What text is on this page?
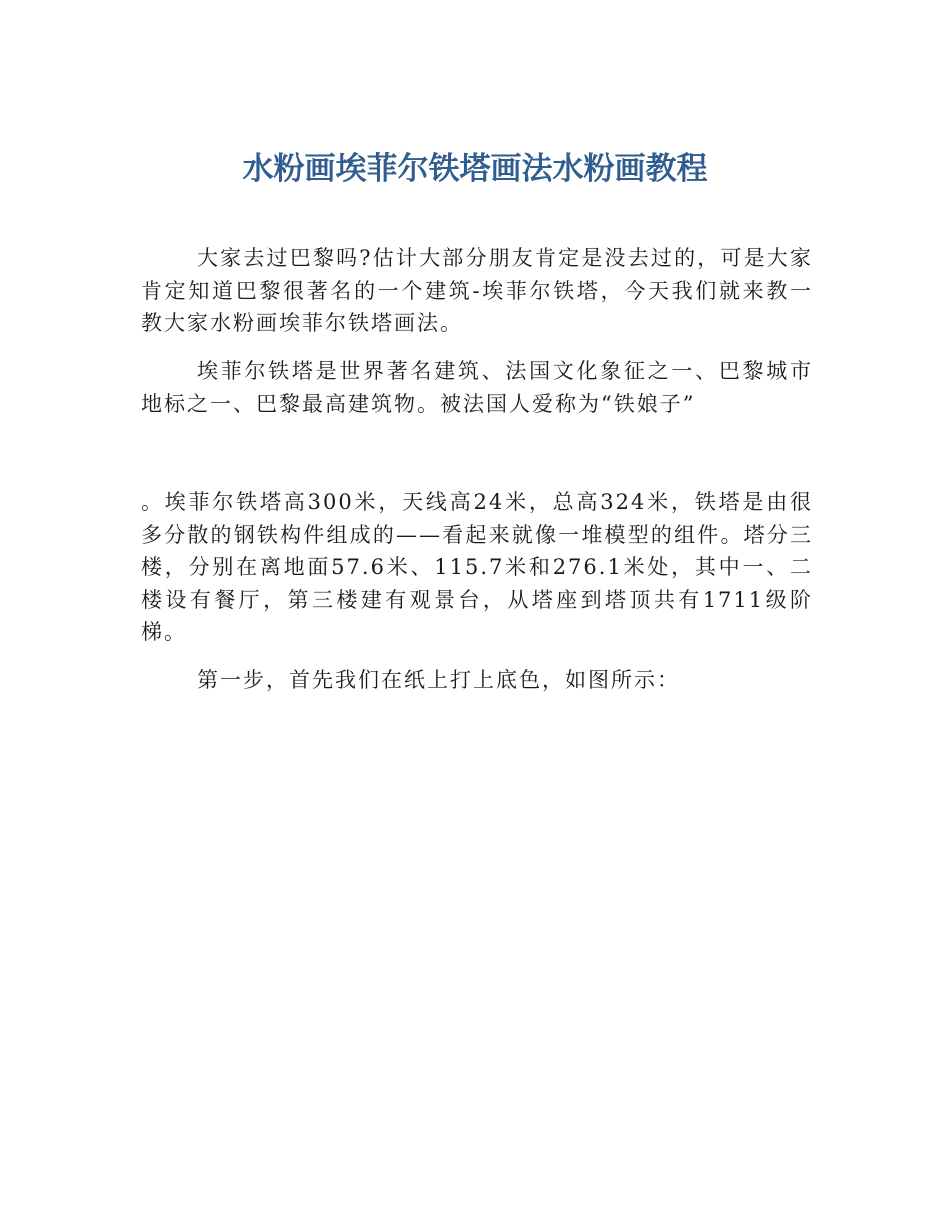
水粉画埃菲尔铁塔画法水粉画教程

大家去过巴黎吗?估计大部分朋友肯定是没去过的，可是大家肯定知道巴黎很著名的一个建筑-埃菲尔铁塔，今天我们就来教一教大家水粉画埃菲尔铁塔画法。

埃菲尔铁塔是世界著名建筑、法国文化象征之一、巴黎城市地标之一、巴黎最高建筑物。被法国人爱称为“铁娘子”

。埃菲尔铁塔高300米，天线高24米，总高324米，铁塔是由很多分散的钢铁构件组成的——看起来就像一堆模型的组件。塔分三楼，分别在离地面57.6米、115.7米和276.1米处，其中一、二楼设有餐厅，第三楼建有观景台，从塔座到塔顶共有1711级阶梯。

第一步，首先我们在纸上打上底色，如图所示：
